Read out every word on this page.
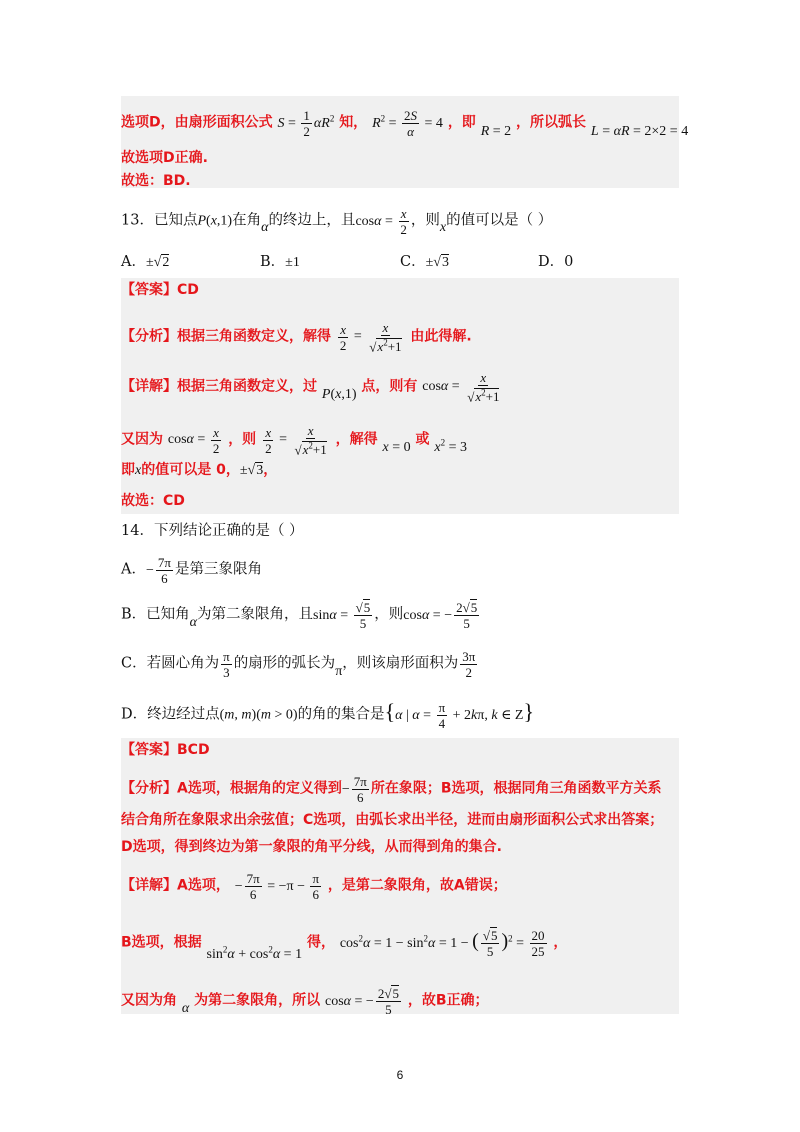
选项D，由扇形面积公式 $S = \frac{1}{2} \alpha R^2$ 知， $R^2 = \frac{2S}{\alpha} = 4$ ，即 R = 2 ，所以弧长 L = αR = 2×2 = 4
故选项D正确.
故选：BD.
13．已知点P(x,1)在角α的终边上，且$\cos\alpha = \frac{x}{2}$ ，则x的值可以是（ ）
A．±√2	B．±1	C．±√3	D．0
【答案】CD
【分析】根据三角函数定义，解得 $\frac{x}{2} = \frac{x}{√x^2+1}$ 由此得解.
【详解】根据三角函数定义，过 P(x,1) 点，则有 $\cos\alpha = \frac{x}{√x^2+1}$
又因为 $\cos\alpha = \frac{x}{2}$ ，则 $\frac{x}{2} = \frac{x}{√x^2+1}$ ，解得 x = 0 或 $x^2 = 3$
即x的值可以是 0，±√3，
故选：CD
14．下列结论正确的是（ ）
A．− $\frac{7\pi}{6}$ 是第三象限角
B．已知角α为第二象限角，且$\sin\alpha = \frac{√5}{5}$ ，则cosα = − $\frac{2√5}{5}$
C．若圆心角为 $\frac{\pi}{3}$ 的扇形的弧长为π，则该扇形面积为 $\frac{3\pi}{2}$
D．终边经过点(m, m)(m > 0)的角的集合是{α | $\alpha = \frac{\pi}{4} + 2k\pi$, k ∈ Z}
【答案】BCD
【分析】A选项，根据角的定义得到− $\frac{7\pi}{6}$ 所在象限；B选项，根据同角三角函数平方关系
结合角所在象限求出余弦值；C选项，由弧长求出半径，进而由扇形面积公式求出答案；
D选项，得到终边为第一象限的角平分线，从而得到角的集合.
【详解】A选项， − $\frac{7\pi}{6} = -\pi - \frac{\pi}{6}$ ，是第二象限角，故A错误；
B选项，根据 $\sin^2\alpha + \cos^2\alpha = 1$ 得， $\cos^2\alpha = 1 - \sin^2\alpha = 1$ − ( $\frac{√5}{5} )^2 = \frac{20}{25}$ ，
又因为角 α 为第二象限角，所以 cosα = − $\frac{2√5}{5}$ ，故B正确；
6
